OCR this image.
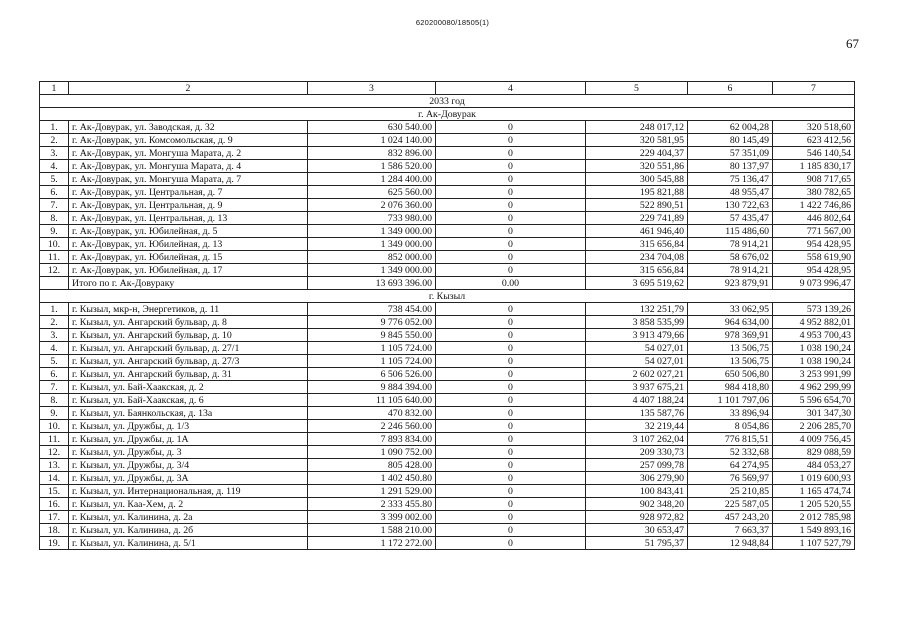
620200080/18505(1)
67
1	2	3	4	5	6	7
2033 год						
г. Ак-Довурак						
1.	г. Ак-Довурак, ул. Заводская, д. 32	630 540.00	0	248 017,12	62 004,28	320 518,60
2.	г. Ак-Довурак, ул. Комсомольская, д. 9	1 024 140.00	0	320 581,95	80 145,49	623 412,56
3.	г. Ак-Довурак, ул. Монгуша Марата, д. 2	832 896.00	0	229 404,37	57 351,09	546 140,54
4.	г. Ак-Довурак, ул. Монгуша Марата, д. 4	1 586 520.00	0	320 551,86	80 137,97	1 185 830,17
5.	г. Ак-Довурак, ул. Монгуша Марата, д. 7	1 284 400.00	0	300 545,88	75 136,47	908 717,65
6.	г. Ак-Довурак, ул. Центральная, д. 7	625 560.00	0	195 821,88	48 955,47	380 782,65
7.	г. Ак-Довурак, ул. Центральная, д. 9	2 076 360.00	0	522 890,51	130 722,63	1 422 746,86
8.	г. Ак-Довурак, ул. Центральная, д. 13	733 980.00	0	229 741,89	57 435,47	446 802,64
9.	г. Ак-Довурак, ул. Юбилейная, д. 5	1 349 000.00	0	461 946,40	115 486,60	771 567,00
10.	г. Ак-Довурак, ул. Юбилейная, д. 13	1 349 000.00	0	315 656,84	78 914,21	954 428,95
11.	г. Ак-Довурак, ул. Юбилейная, д. 15	852 000.00	0	234 704,08	58 676,02	558 619,90
12.	г. Ак-Довурак, ул. Юбилейная, д. 17	1 349 000.00	0	315 656,84	78 914,21	954 428,95
	Итого по г. Ак-Довураку	13 693 396.00	0.00	3 695 519,62	923 879,91	9 073 996,47
г. Кызыл						
1.	г. Кызыл, мкр-н, Энергетиков, д. 11	738 454.00	0	132 251,79	33 062,95	573 139,26
2.	г. Кызыл, ул. Ангарский бульвар, д. 8	9 776 052.00	0	3 858 535,99	964 634,00	4 952 882,01
3.	г. Кызыл, ул. Ангарский бульвар, д. 10	9 845 550.00	0	3 913 479,66	978 369,91	4 953 700,43
4.	г. Кызыл, ул. Ангарский бульвар, д. 27/1	1 105 724.00	0	54 027,01	13 506,75	1 038 190,24
5.	г. Кызыл, ул. Ангарский бульвар, д. 27/3	1 105 724.00	0	54 027,01	13 506,75	1 038 190,24
6.	г. Кызыл, ул. Ангарский бульвар, д. 31	6 506 526.00	0	2 602 027,21	650 506,80	3 253 991,99
7.	г. Кызыл, ул. Бай-Хаакская, д. 2	9 884 394.00	0	3 937 675,21	984 418,80	4 962 299,99
8.	г. Кызыл, ул. Бай-Хаакская, д. 6	11 105 640.00	0	4 407 188,24	1 101 797,06	5 596 654,70
9.	г. Кызыл, ул. Баянкольская, д. 13а	470 832.00	0	135 587,76	33 896,94	301 347,30
10.	г. Кызыл, ул. Дружбы, д. 1/3	2 246 560.00	0	32 219,44	8 054,86	2 206 285,70
11.	г. Кызыл, ул. Дружбы, д. 1А	7 893 834.00	0	3 107 262,04	776 815,51	4 009 756,45
12.	г. Кызыл, ул. Дружбы, д. 3	1 090 752.00	0	209 330,73	52 332,68	829 088,59
13.	г. Кызыл, ул. Дружбы, д. 3/4	805 428.00	0	257 099,78	64 274,95	484 053,27
14.	г. Кызыл, ул. Дружбы, д. 3А	1 402 450.80	0	306 279,90	76 569,97	1 019 600,93
15.	г. Кызыл, ул. Интернациональная, д. 119	1 291 529.00	0	100 843,41	25 210,85	1 165 474,74
16.	г. Кызыл, ул. Каа-Хем, д. 2	2 333 455.80	0	902 348,20	225 587,05	1 205 520,55
17.	г. Кызыл, ул. Калинина, д. 2а	3 399 002.00	0	928 972,82	457 243,20	2 012 785,98
18.	г. Кызыл, ул. Калинина, д. 2б	1 588 210.00	0	30 653,47	7 663,37	1 549 893,16
19.	г. Кызыл, ул. Калинина, д. 5/1	1 172 272.00	0	51 795,37	12 948,84	1 107 527,79
